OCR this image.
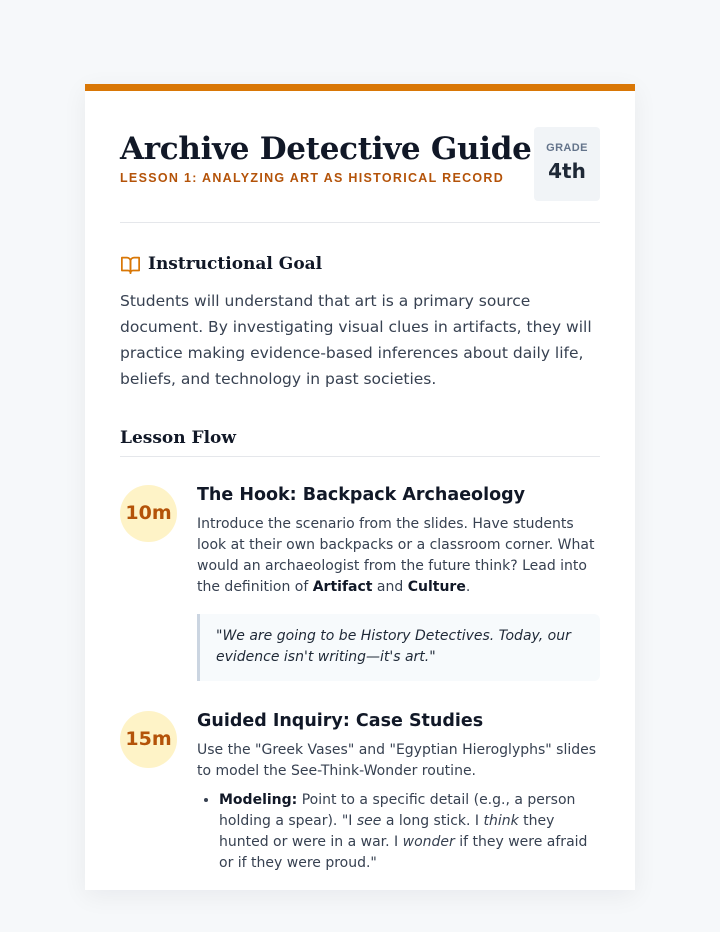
Archive Detective Guide
LESSON 1: ANALYZING ART AS HISTORICAL RECORD
GRADE
4th
Instructional Goal

Students will understand that art is a primary source document. By investigating visual clues in artifacts, they will practice making evidence-based inferences about daily life, beliefs, and technology in past societies.

Lesson Flow
10m
The Hook: Backpack Archaeology

Introduce the scenario from the slides. Have students look at their own backpacks or a classroom corner. What would an archaeologist from the future think? Lead into the definition of Artifact and Culture.

"We are going to be History Detectives. Today, our evidence isn't writing—it's art."
15m
Guided Inquiry: Case Studies

Use the "Greek Vases" and "Egyptian Hieroglyphs" slides to model the See-Think-Wonder routine.

• Modeling: Point to a specific detail (e.g., a person holding a spear). "I see a long stick. I think they hunted or were in a war. I wonder if they were afraid or if they were proud."
